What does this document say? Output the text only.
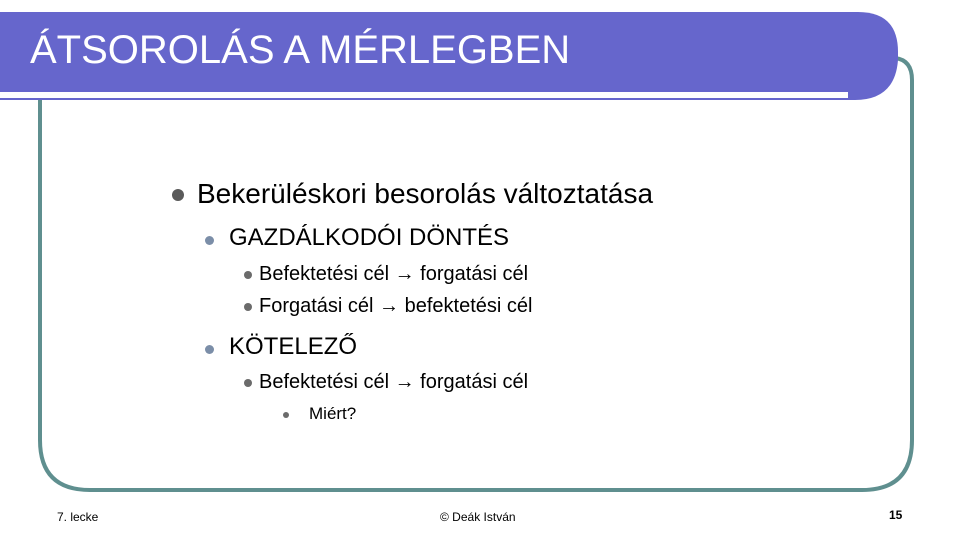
ÁTSOROLÁS A MÉRLEGBEN
Bekerüléskori besorolás változtatása
GAZDÁLKODÓI DÖNTÉS
Befektetési cél → forgatási cél
Forgatási cél → befektetési cél
KÖTELEZŐ
Befektetési cél → forgatási cél
Miért?
7. lecke	© Deák István	15
